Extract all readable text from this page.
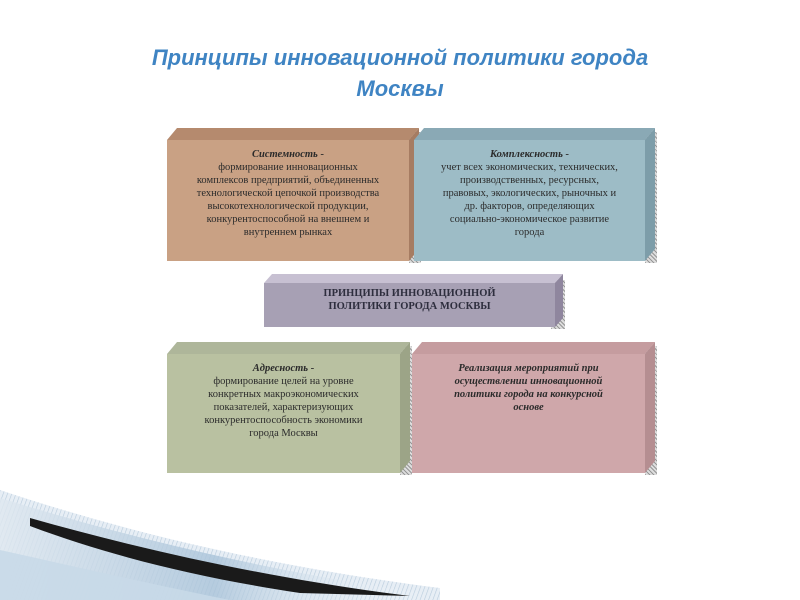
Принципы инновационной политики города
Москвы
Системность -
формирование инновационных
комплексов предприятий, объединенных
технологической цепочкой производства
высокотехнологической продукции,
конкурентоспособной на внешнем и
внутреннем рынках
Комплексность -
учет всех экономических, технических,
производственных, ресурсных,
правовых, экологических, рыночных и
др. факторов, определяющих
социально-экономическое развитие
города
ПРИНЦИПЫ ИННОВАЦИОННОЙ
ПОЛИТИКИ ГОРОДА МОСКВЫ
Адресность -
формирование целей на уровне
конкретных макроэкономических
показателей, характеризующих
конкурентоспособность экономики
города Москвы
Реализация мероприятий при
осуществлении инновационной
политики города на конкурсной
основе
